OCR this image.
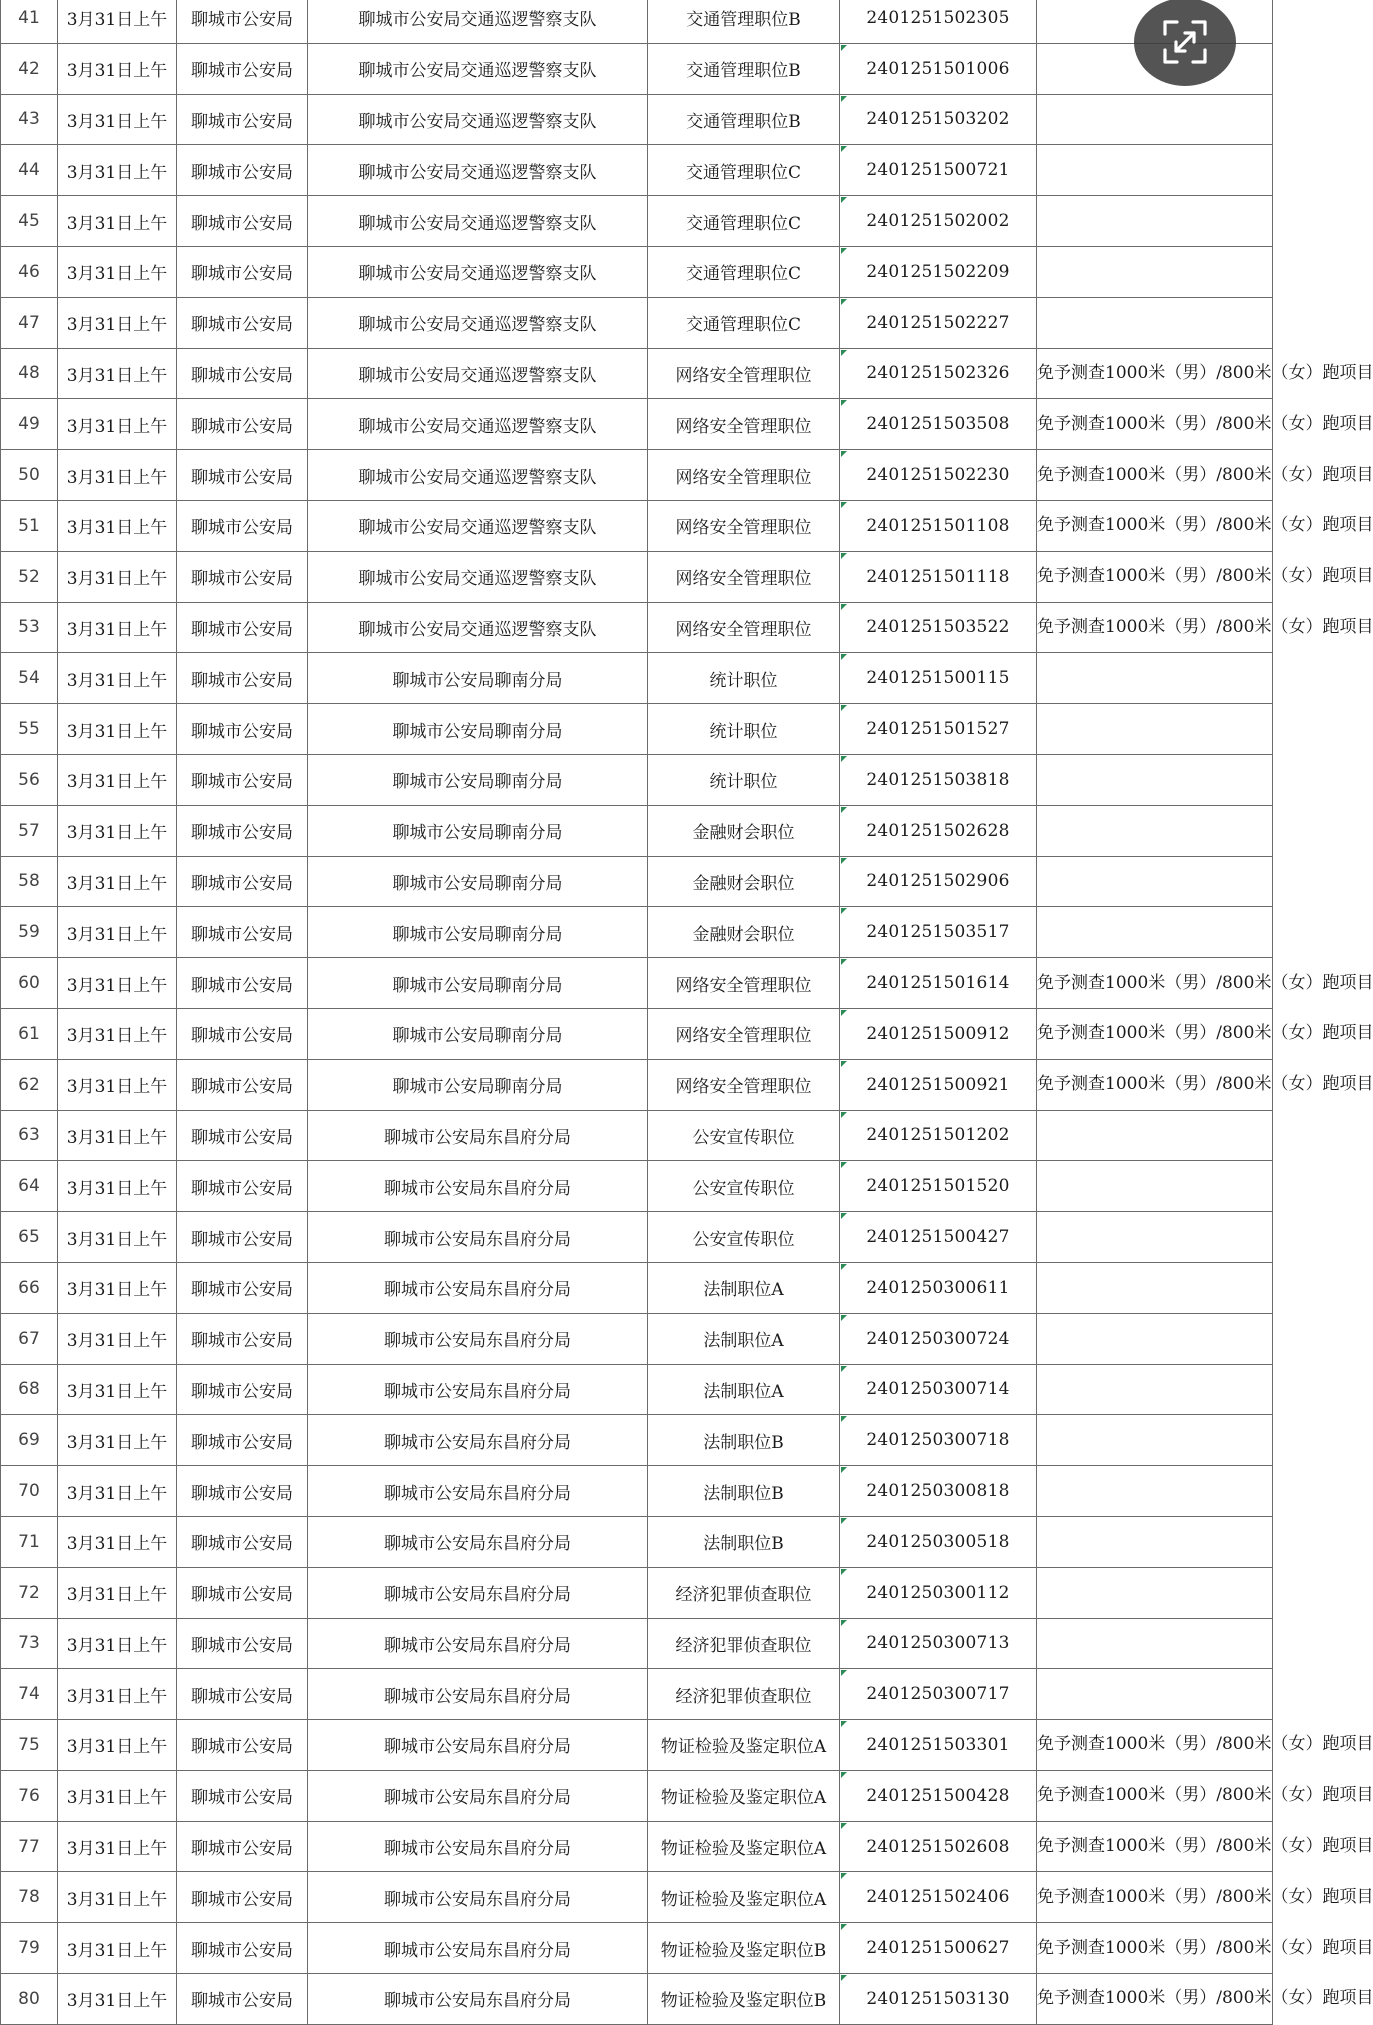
41	3月31日上午	聊城市公安局	聊城市公安局交通巡逻警察支队	交通管理职位B	2401251502305	

42	3月31日上午	聊城市公安局	聊城市公安局交通巡逻警察支队	交通管理职位B	2401251501006	

43	3月31日上午	聊城市公安局	聊城市公安局交通巡逻警察支队	交通管理职位B	2401251503202	

44	3月31日上午	聊城市公安局	聊城市公安局交通巡逻警察支队	交通管理职位C	2401251500721	

45	3月31日上午	聊城市公安局	聊城市公安局交通巡逻警察支队	交通管理职位C	2401251502002	

46	3月31日上午	聊城市公安局	聊城市公安局交通巡逻警察支队	交通管理职位C	2401251502209	

47	3月31日上午	聊城市公安局	聊城市公安局交通巡逻警察支队	交通管理职位C	2401251502227	

48	3月31日上午	聊城市公安局	聊城市公安局交通巡逻警察支队	网络安全管理职位	2401251502326	免予测查1000米（男）/800米（女）跑项目

49	3月31日上午	聊城市公安局	聊城市公安局交通巡逻警察支队	网络安全管理职位	2401251503508	免予测查1000米（男）/800米（女）跑项目

50	3月31日上午	聊城市公安局	聊城市公安局交通巡逻警察支队	网络安全管理职位	2401251502230	免予测查1000米（男）/800米（女）跑项目

51	3月31日上午	聊城市公安局	聊城市公安局交通巡逻警察支队	网络安全管理职位	2401251501108	免予测查1000米（男）/800米（女）跑项目

52	3月31日上午	聊城市公安局	聊城市公安局交通巡逻警察支队	网络安全管理职位	2401251501118	免予测查1000米（男）/800米（女）跑项目

53	3月31日上午	聊城市公安局	聊城市公安局交通巡逻警察支队	网络安全管理职位	2401251503522	免予测查1000米（男）/800米（女）跑项目

54	3月31日上午	聊城市公安局	聊城市公安局聊南分局	统计职位	2401251500115	

55	3月31日上午	聊城市公安局	聊城市公安局聊南分局	统计职位	2401251501527	

56	3月31日上午	聊城市公安局	聊城市公安局聊南分局	统计职位	2401251503818	

57	3月31日上午	聊城市公安局	聊城市公安局聊南分局	金融财会职位	2401251502628	

58	3月31日上午	聊城市公安局	聊城市公安局聊南分局	金融财会职位	2401251502906	

59	3月31日上午	聊城市公安局	聊城市公安局聊南分局	金融财会职位	2401251503517	

60	3月31日上午	聊城市公安局	聊城市公安局聊南分局	网络安全管理职位	2401251501614	免予测查1000米（男）/800米（女）跑项目

61	3月31日上午	聊城市公安局	聊城市公安局聊南分局	网络安全管理职位	2401251500912	免予测查1000米（男）/800米（女）跑项目

62	3月31日上午	聊城市公安局	聊城市公安局聊南分局	网络安全管理职位	2401251500921	免予测查1000米（男）/800米（女）跑项目

63	3月31日上午	聊城市公安局	聊城市公安局东昌府分局	公安宣传职位	2401251501202	

64	3月31日上午	聊城市公安局	聊城市公安局东昌府分局	公安宣传职位	2401251501520	

65	3月31日上午	聊城市公安局	聊城市公安局东昌府分局	公安宣传职位	2401251500427	

66	3月31日上午	聊城市公安局	聊城市公安局东昌府分局	法制职位A	2401250300611	

67	3月31日上午	聊城市公安局	聊城市公安局东昌府分局	法制职位A	2401250300724	

68	3月31日上午	聊城市公安局	聊城市公安局东昌府分局	法制职位A	2401250300714	

69	3月31日上午	聊城市公安局	聊城市公安局东昌府分局	法制职位B	2401250300718	

70	3月31日上午	聊城市公安局	聊城市公安局东昌府分局	法制职位B	2401250300818	

71	3月31日上午	聊城市公安局	聊城市公安局东昌府分局	法制职位B	2401250300518	

72	3月31日上午	聊城市公安局	聊城市公安局东昌府分局	经济犯罪侦查职位	2401250300112	

73	3月31日上午	聊城市公安局	聊城市公安局东昌府分局	经济犯罪侦查职位	2401250300713	

74	3月31日上午	聊城市公安局	聊城市公安局东昌府分局	经济犯罪侦查职位	2401250300717	

75	3月31日上午	聊城市公安局	聊城市公安局东昌府分局	物证检验及鉴定职位A	2401251503301	免予测查1000米（男）/800米（女）跑项目

76	3月31日上午	聊城市公安局	聊城市公安局东昌府分局	物证检验及鉴定职位A	2401251500428	免予测查1000米（男）/800米（女）跑项目

77	3月31日上午	聊城市公安局	聊城市公安局东昌府分局	物证检验及鉴定职位A	2401251502608	免予测查1000米（男）/800米（女）跑项目

78	3月31日上午	聊城市公安局	聊城市公安局东昌府分局	物证检验及鉴定职位A	2401251502406	免予测查1000米（男）/800米（女）跑项目

79	3月31日上午	聊城市公安局	聊城市公安局东昌府分局	物证检验及鉴定职位B	2401251500627	免予测查1000米（男）/800米（女）跑项目

80	3月31日上午	聊城市公安局	聊城市公安局东昌府分局	物证检验及鉴定职位B	2401251503130	免予测查1000米（男）/800米（女）跑项目
